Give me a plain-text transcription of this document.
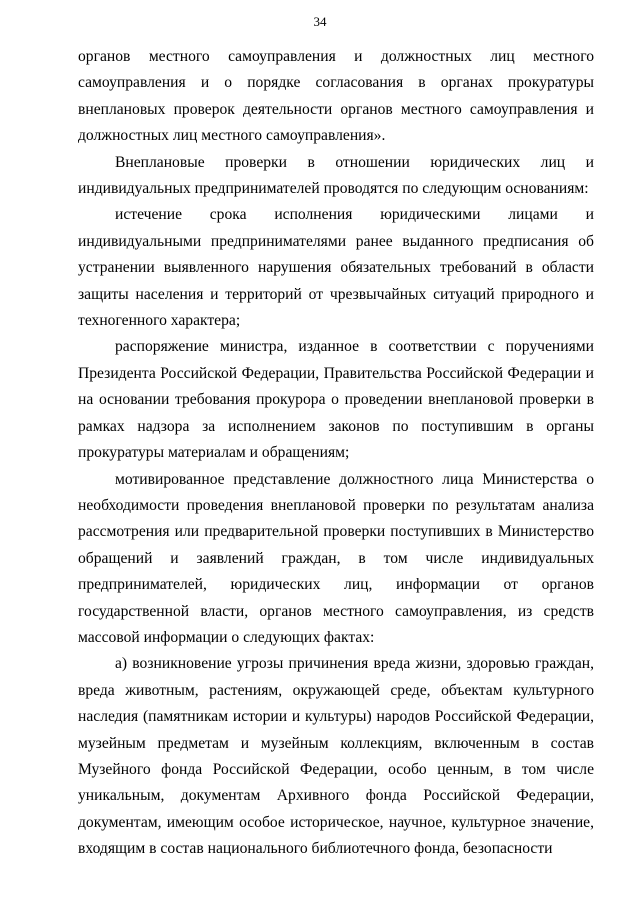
34

органов местного самоуправления и должностных лиц местного самоуправления и о порядке согласования в органах прокуратуры внеплановых проверок деятельности органов местного самоуправления и должностных лиц местного самоуправления».

Внеплановые проверки в отношении юридических лиц и индивидуальных предпринимателей проводятся по следующим основаниям:

истечение срока исполнения юридическими лицами и индивидуальными предпринимателями ранее выданного предписания об устранении выявленного нарушения обязательных требований в области защиты населения и территорий от чрезвычайных ситуаций природного и техногенного характера;

распоряжение министра, изданное в соответствии с поручениями Президента Российской Федерации, Правительства Российской Федерации и на основании требования прокурора о проведении внеплановой проверки в рамках надзора за исполнением законов по поступившим в органы прокуратуры материалам и обращениям;

мотивированное представление должностного лица Министерства о необходимости проведения внеплановой проверки по результатам анализа рассмотрения или предварительной проверки поступивших в Министерство обращений и заявлений граждан, в том числе индивидуальных предпринимателей, юридических лиц, информации от органов государственной власти, органов местного самоуправления, из средств массовой информации о следующих фактах:

а) возникновение угрозы причинения вреда жизни, здоровью граждан, вреда животным, растениям, окружающей среде, объектам культурного наследия (памятникам истории и культуры) народов Российской Федерации, музейным предметам и музейным коллекциям, включенным в состав Музейного фонда Российской Федерации, особо ценным, в том числе уникальным, документам Архивного фонда Российской Федерации, документам, имеющим особое историческое, научное, культурное значение, входящим в состав национального библиотечного фонда, безопасности
